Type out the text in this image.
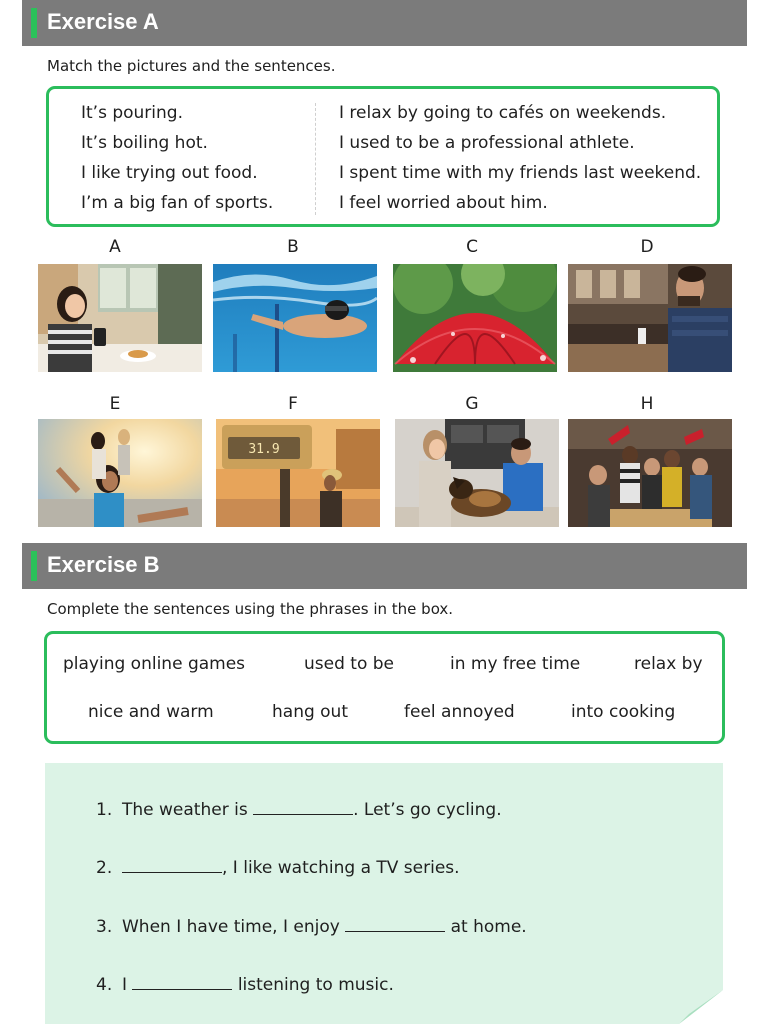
Exercise A
Match the pictures and the sentences.
It’s pouring.
It’s boiling hot.
I like trying out food.
I’m a big fan of sports.
I relax by going to cafés on weekends.
I used to be a professional athlete.
I spent time with my friends last weekend.
I feel worried about him.
A	B	C	D
E	F	G	H
31.9
Exercise B
Complete the sentences using the phrases in the box.
playing online games	used to be	in my free time	relax by
nice and warm	hang out	feel annoyed	into cooking
1. The weather is	. Let’s go cycling.
2.	, I like watching a TV series.
3. When I have time, I enjoy	at home.
4. I	listening to music.
